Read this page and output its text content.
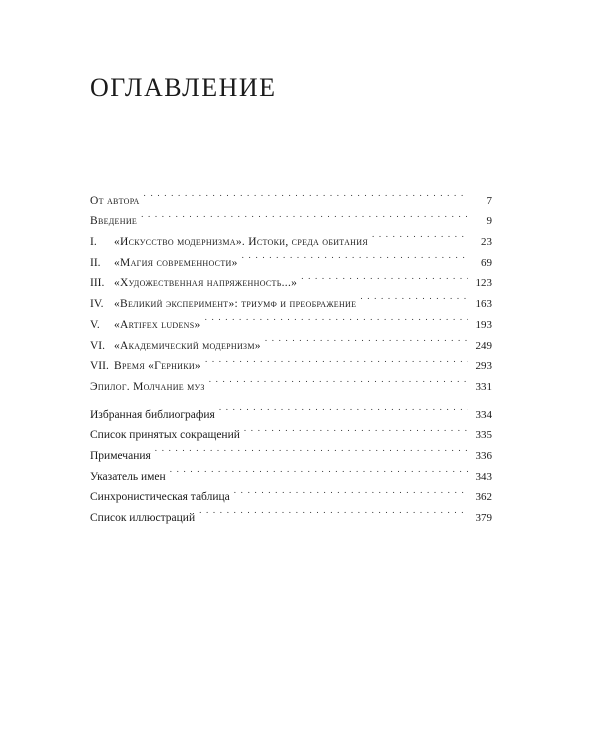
ОГЛАВЛЕНИЕ
От автора . . .	7
Введение . . .	9
I.	«Искусство модернизма». Истоки, среда обитания . . .	23
II.	«Магия современности» . . .	69
III. «Художественная напряженность...» . . .	123
IV. «Великий эксперимент»: триумф и преображение . . .	163
V.	«Artifex ludens» . . .	193
VI. «Академический модернизм» . . .	249
VII. Время «Герники» . . .	293
Эпилог. Молчание муз . . .	331
Избранная библиография . . .	334
Список принятых сокращений . . .	335
Примечания . . .	336
Указатель имен . . .	343
Синхронистическая таблица . . .	362
Список иллюстраций . . .	379
